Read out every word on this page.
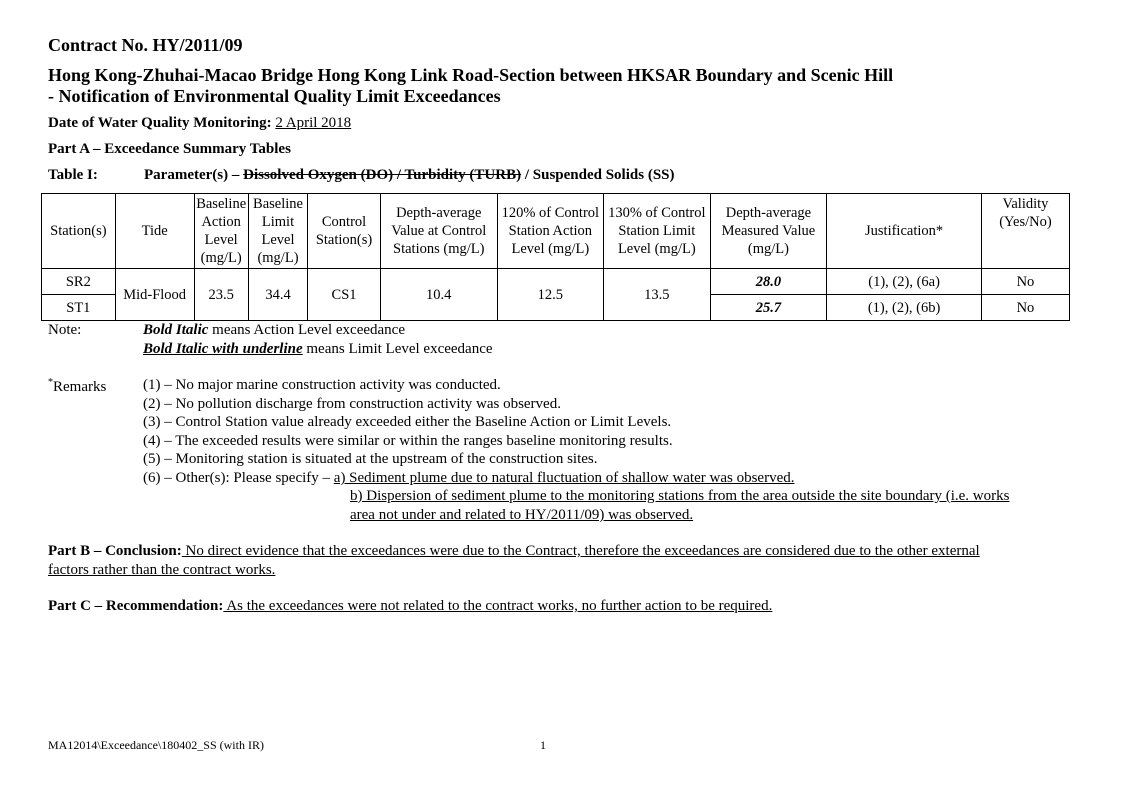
Contract No. HY/2011/09
Hong Kong-Zhuhai-Macao Bridge Hong Kong Link Road-Section between HKSAR Boundary and Scenic Hill
- Notification of Environmental Quality Limit Exceedances
Date of Water Quality Monitoring: 2 April 2018
Part A – Exceedance Summary Tables
Table I:	Parameter(s) – Dissolved Oxygen (DO) / Turbidity (TURB) / Suspended Solids (SS)
Station(s)	Tide	Baseline Action Level (mg/L)	Baseline Limit Level (mg/L)	Control Station(s)	Depth-average Value at Control Stations (mg/L)	120% of Control Station Action Level (mg/L)	130% of Control Station Limit Level (mg/L)	Depth-average Measured Value (mg/L)	Justification*	Validity (Yes/No)
SR2	Mid-Flood	23.5	34.4	CS1	10.4	12.5	13.5	28.0	(1), (2), (6a)	No
ST1								25.7	(1), (2), (6b)	No
Note:	Bold Italic means Action Level exceedance
Bold Italic with underline means Limit Level exceedance
*Remarks (1) – No major marine construction activity was conducted.
(2) – No pollution discharge from construction activity was observed.
(3) – Control Station value already exceeded either the Baseline Action or Limit Levels.
(4) – The exceeded results were similar or within the ranges baseline monitoring results.
(5) – Monitoring station is situated at the upstream of the construction sites.
(6) – Other(s): Please specify – a) Sediment plume due to natural fluctuation of shallow water was observed.
b) Dispersion of sediment plume to the monitoring stations from the area outside the site boundary (i.e. works
area not under and related to HY/2011/09) was observed.
Part B – Conclusion: No direct evidence that the exceedances were due to the Contract, therefore the exceedances are considered due to the other external
factors rather than the contract works.
Part C – Recommendation: As the exceedances were not related to the contract works, no further action to be required.
MA12014\Exceedance\180402_SS (with IR)	1
